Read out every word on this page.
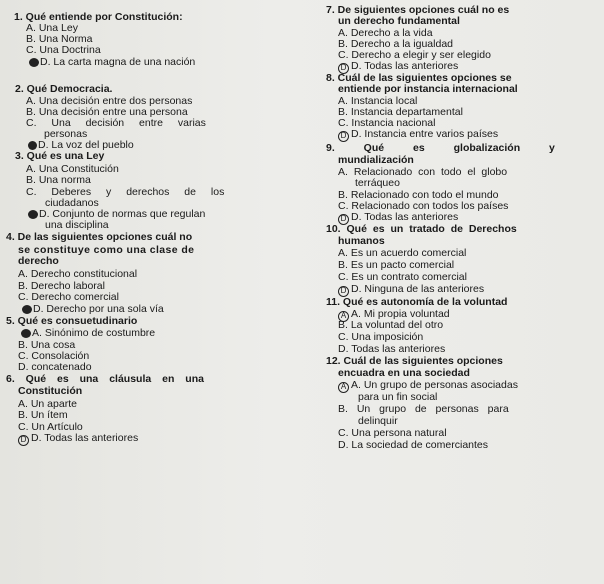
1. Qué entiende por Constitución:
A. Una Ley
B. Una Norma
C. Una Doctrina
D. La carta magna de una nación
2. Qué Democracia.
A. Una decisión entre dos personas
B. Una decisión entre una persona
C. Una decisión entre varias
personas
D. La voz del pueblo
3. Qué es una Ley
A. Una Constitución
B. Una norma
C. Deberes y derechos de los
ciudadanos
D. Conjunto de normas que regulan
una disciplina
4. De las siguientes opciones cuál no
se constituye como una clase de
derecho
A. Derecho constitucional
B. Derecho laboral
C. Derecho comercial
D. Derecho por una sola vía
5. Qué es consuetudinario
A. Sinónimo de costumbre
B. Una cosa
C. Consolación
D. concatenado
6. Qué es una cláusula en una
Constitución
A. Un aparte
B. Un ítem
C. Un Artículo
D D. Todas las anteriores
7. De siguientes opciones cuál no es
un derecho fundamental
A. Derecho a la vida
B. Derecho a la igualdad
C. Derecho a elegir y ser elegido
D D. Todas las anteriores
8. Cuál de las siguientes opciones se
entiende por instancia internacional
A. Instancia local
B. Instancia departamental
C. Instancia nacional
D D. Instancia entre varios países
9. Qué es globalización y
mundialización
A. Relacionado con todo el globo
terráqueo
B. Relacionado con todo el mundo
C. Relacionado con todos los países
D D. Todas las anteriores
10. Qué es un tratado de Derechos
humanos
A. Es un acuerdo comercial
B. Es un pacto comercial
C. Es un contrato comercial
D D. Ninguna de las anteriores
11. Qué es autonomía de la voluntad
A A. Mi propia voluntad
B. La voluntad del otro
C. Una imposición
D. Todas las anteriores
12. Cuál de las siguientes opciones
encuadra en una sociedad
A A. Un grupo de personas asociadas
para un fin social
B. Un grupo de personas para
delinquir
C. Una persona natural
D. La sociedad de comerciantes
